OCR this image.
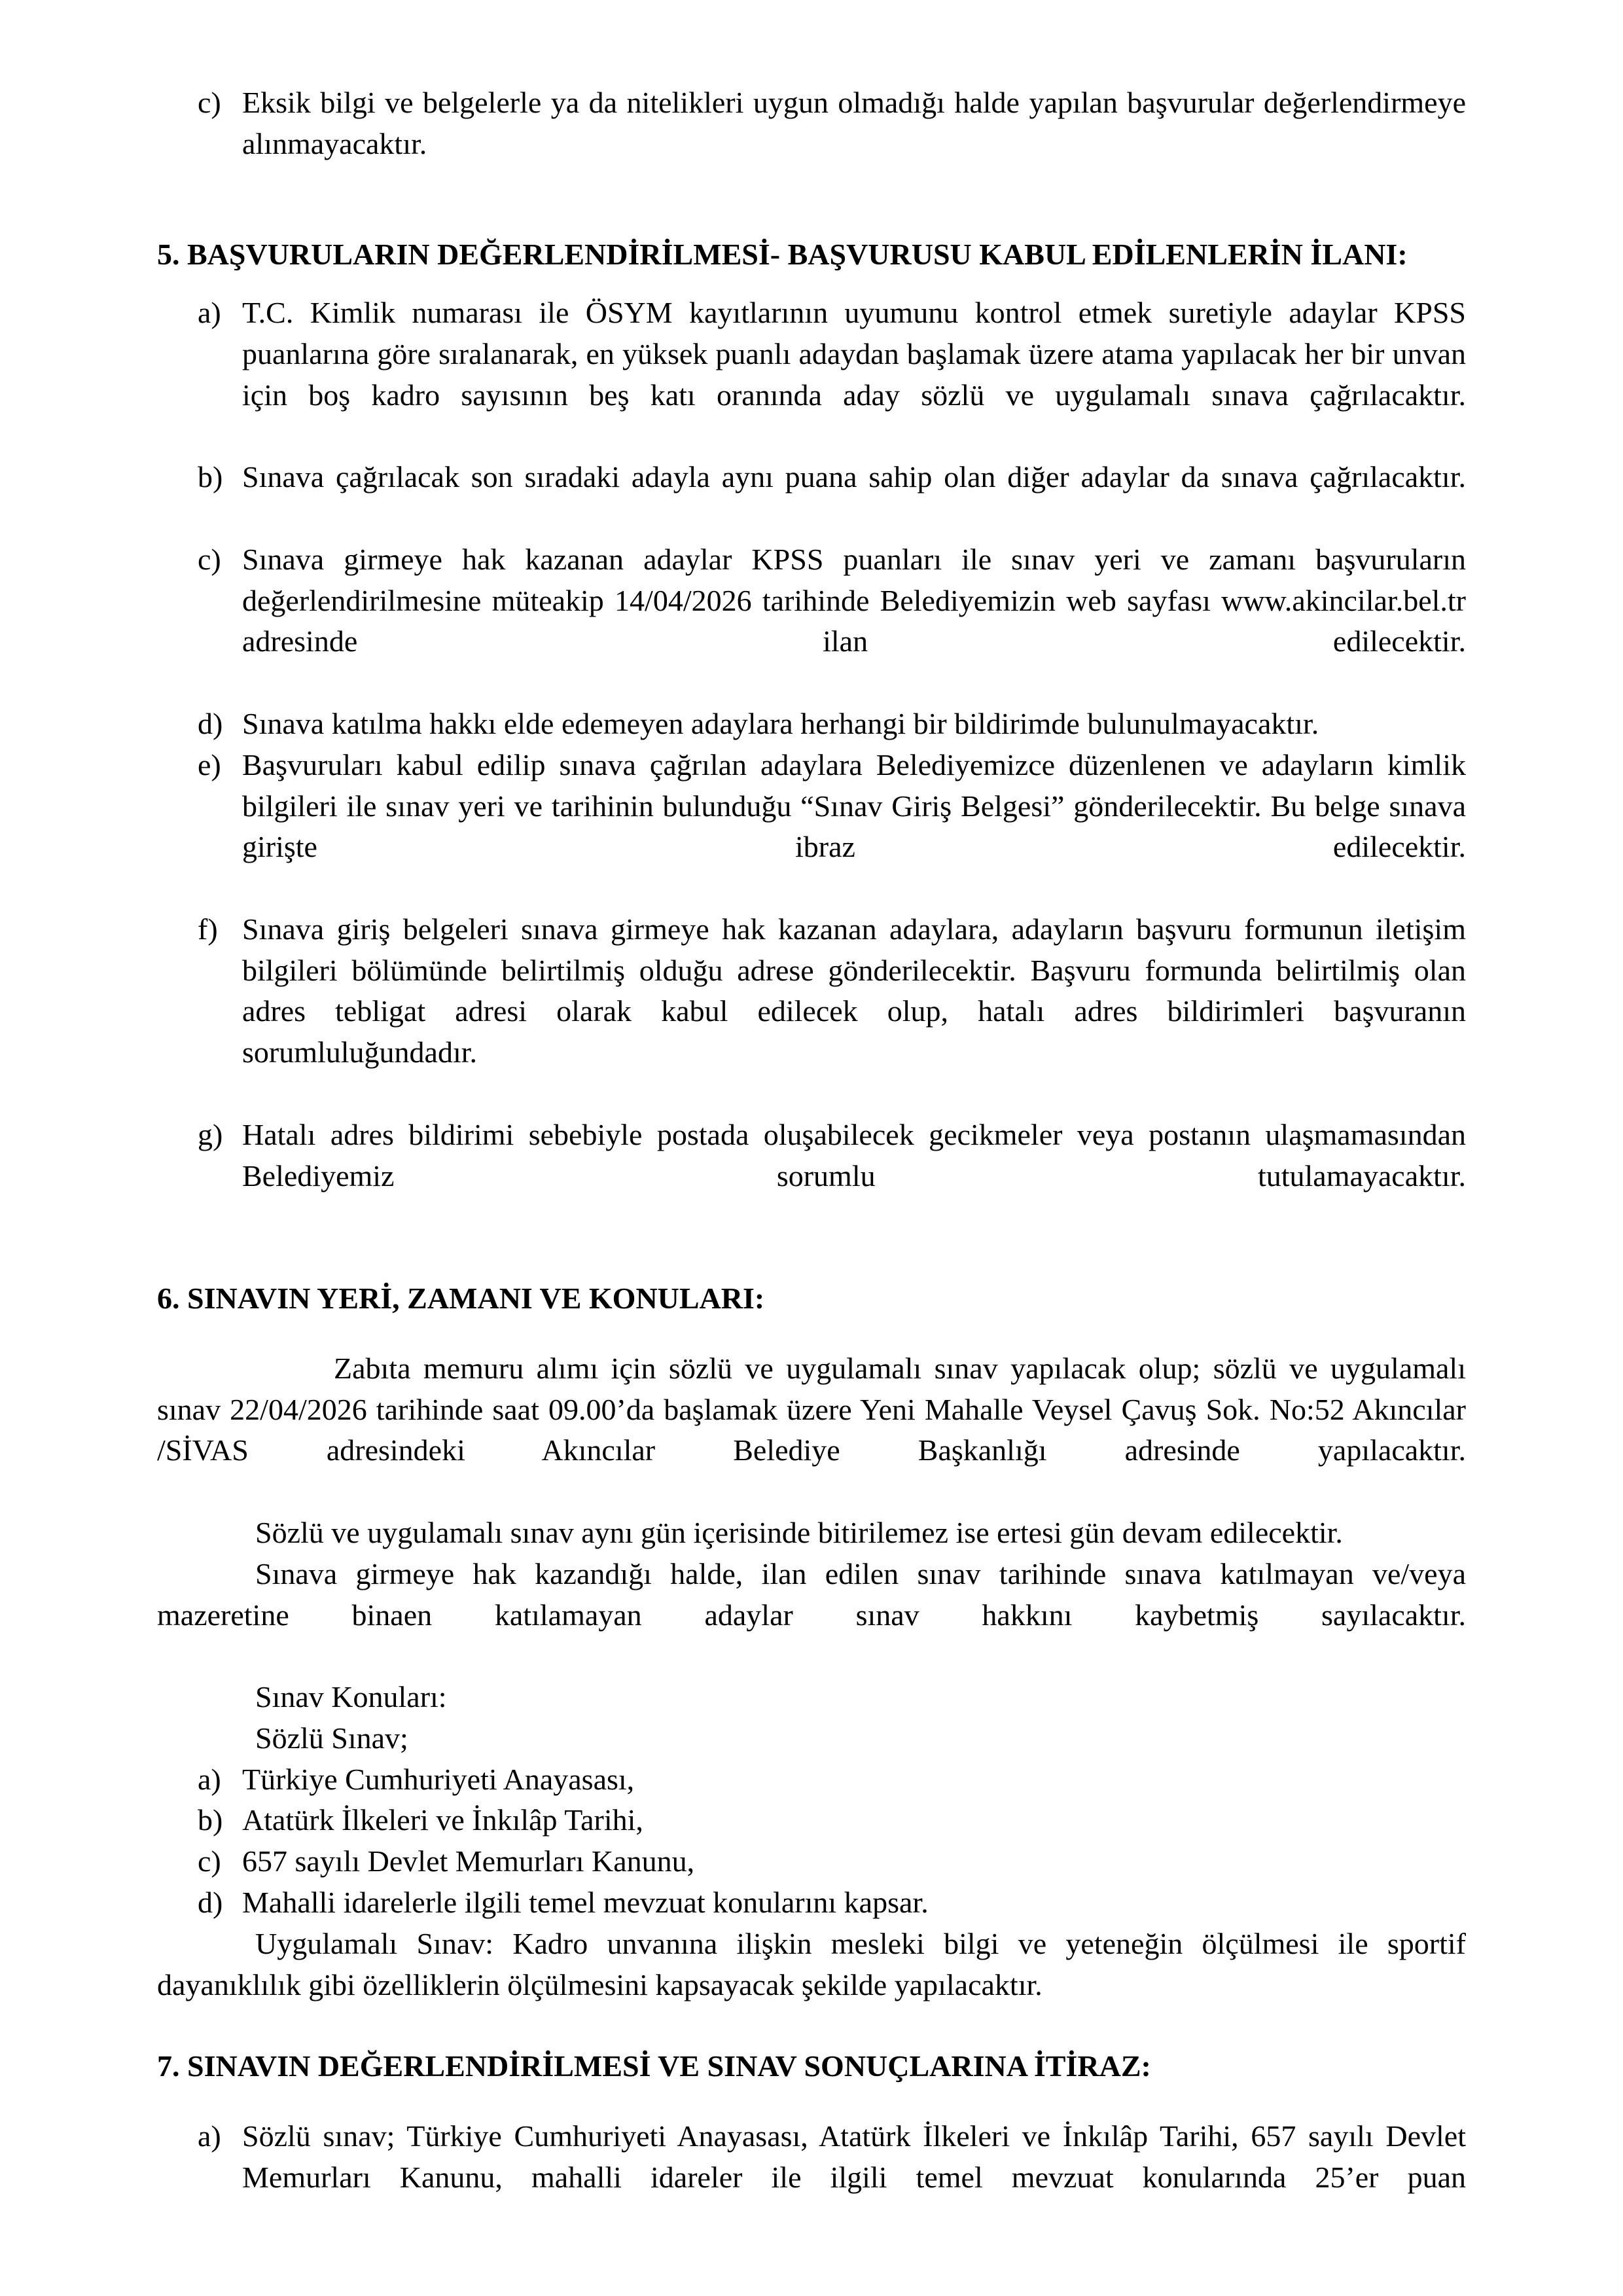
c) Eksik bilgi ve belgelerle ya da nitelikleri uygun olmadığı halde yapılan başvurular değerlendirmeye alınmayacaktır.
5. BAŞVURULARIN DEĞERLENDİRİLMESİ- BAŞVURUSU KABUL EDİLENLERİN İLANI:
a) T.C. Kimlik numarası ile ÖSYM kayıtlarının uyumunu kontrol etmek suretiyle adaylar KPSS puanlarına göre sıralanarak, en yüksek puanlı adaydan başlamak üzere atama yapılacak her bir unvan için boş kadro sayısının beş katı oranında aday sözlü ve uygulamalı sınava çağrılacaktır.
b) Sınava çağrılacak son sıradaki adayla aynı puana sahip olan diğer adaylar da sınava çağrılacaktır.
c) Sınava girmeye hak kazanan adaylar KPSS puanları ile sınav yeri ve zamanı başvuruların değerlendirilmesine müteakip 14/04/2026 tarihinde Belediyemizin web sayfası www.akincilar.bel.tr adresinde ilan edilecektir.
d) Sınava katılma hakkı elde edemeyen adaylara herhangi bir bildirimde bulunulmayacaktır.
e) Başvuruları kabul edilip sınava çağrılan adaylara Belediyemizce düzenlenen ve adayların kimlik bilgileri ile sınav yeri ve tarihinin bulunduğu “Sınav Giriş Belgesi” gönderilecektir. Bu belge sınava girişte ibraz edilecektir.
f) Sınava giriş belgeleri sınava girmeye hak kazanan adaylara, adayların başvuru formunun iletişim bilgileri bölümünde belirtilmiş olduğu adrese gönderilecektir. Başvuru formunda belirtilmiş olan adres tebligat adresi olarak kabul edilecek olup, hatalı adres bildirimleri başvuranın sorumluluğundadır.
g) Hatalı adres bildirimi sebebiyle postada oluşabilecek gecikmeler veya postanın ulaşmamasından Belediyemiz sorumlu tutulamayacaktır.
6. SINAVIN YERİ, ZAMANI VE KONULARI:

Zabıta memuru alımı için sözlü ve uygulamalı sınav yapılacak olup; sözlü ve uygulamalı sınav 22/04/2026 tarihinde saat 09.00’da başlamak üzere Yeni Mahalle Veysel Çavuş Sok. No:52 Akıncılar /SİVAS adresindeki Akıncılar Belediye Başkanlığı adresinde yapılacaktır.

Sözlü ve uygulamalı sınav aynı gün içerisinde bitirilemez ise ertesi gün devam edilecektir.

Sınava girmeye hak kazandığı halde, ilan edilen sınav tarihinde sınava katılmayan ve/veya mazeretine binaen katılamayan adaylar sınav hakkını kaybetmiş sayılacaktır.

Sınav Konuları:

Sözlü Sınav;

a) Türkiye Cumhuriyeti Anayasası,
b) Atatürk İlkeleri ve İnkılâp Tarihi,
c) 657 sayılı Devlet Memurları Kanunu,
d) Mahalli idarelerle ilgili temel mevzuat konularını kapsar.

Uygulamalı Sınav: Kadro unvanına ilişkin mesleki bilgi ve yeteneğin ölçülmesi ile sportif dayanıklılık gibi özelliklerin ölçülmesini kapsayacak şekilde yapılacaktır.

7. SINAVIN DEĞERLENDİRİLMESİ VE SINAV SONUÇLARINA İTİRAZ:
a) Sözlü sınav; Türkiye Cumhuriyeti Anayasası, Atatürk İlkeleri ve İnkılâp Tarihi, 657 sayılı Devlet Memurları Kanunu, mahalli idareler ile ilgili temel mevzuat konularında 25’er puan
